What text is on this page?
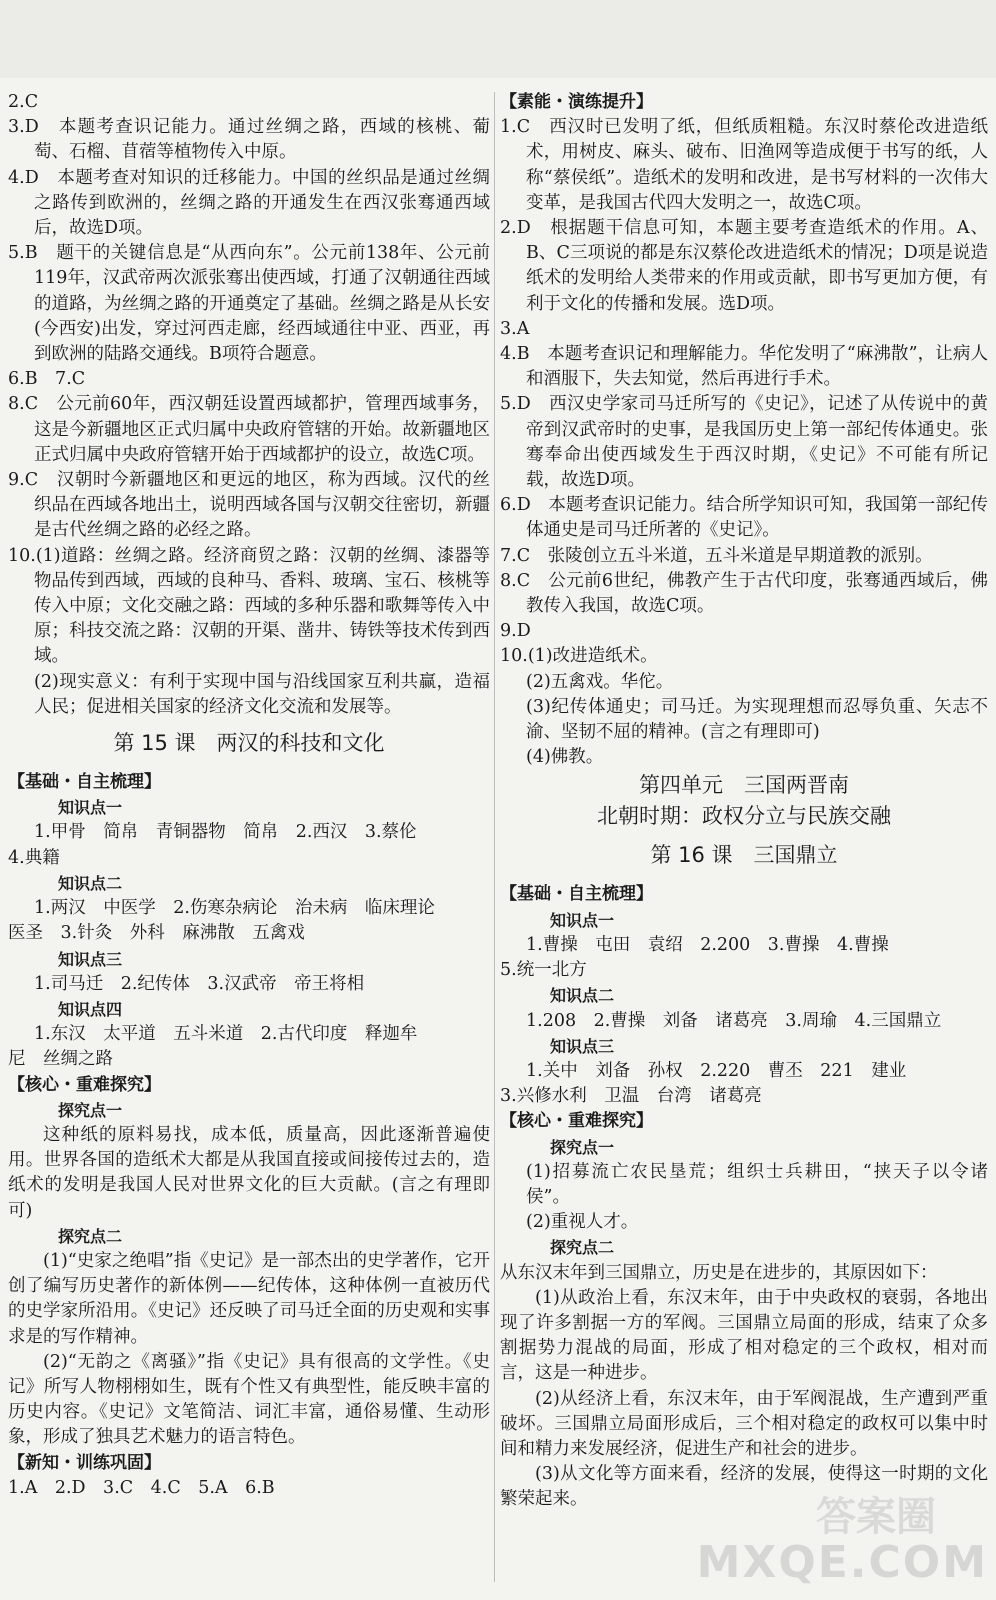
2.C
3.D　本题考查识记能力。通过丝绸之路，西域的核桃、葡萄、石榴、苜蓿等植物传入中原。
4.D　本题考查对知识的迁移能力。中国的丝织品是通过丝绸之路传到欧洲的，丝绸之路的开通发生在西汉张骞通西域后，故选D项。
5.B　题干的关键信息是“从西向东”。公元前138年、公元前119年，汉武帝两次派张骞出使西域，打通了汉朝通往西域的道路，为丝绸之路的开通奠定了基础。丝绸之路是从长安(今西安)出发，穿过河西走廊，经西域通往中亚、西亚，再到欧洲的陆路交通线。B项符合题意。
6.B　7.C
8.C　公元前60年，西汉朝廷设置西域都护，管理西域事务，这是今新疆地区正式归属中央政府管辖的开始。故新疆地区正式归属中央政府管辖开始于西域都护的设立，故选C项。
9.C　汉朝时今新疆地区和更远的地区，称为西域。汉代的丝织品在西域各地出土，说明西域各国与汉朝交往密切，新疆是古代丝绸之路的必经之路。
10.(1)道路：丝绸之路。经济商贸之路：汉朝的丝绸、漆器等物品传到西域，西域的良种马、香料、玻璃、宝石、核桃等传入中原；文化交融之路：西域的多种乐器和歌舞等传入中原；科技交流之路：汉朝的开渠、凿井、铸铁等技术传到西域。
(2)现实意义：有利于实现中国与沿线国家互利共赢，造福人民；促进相关国家的经济文化交流和发展等。
第 15 课　两汉的科技和文化
【基础・自主梳理】
知识点一
1.甲骨　简帛　青铜器物　简帛　2.西汉　3.蔡伦
4.典籍
知识点二
1.两汉　中医学　2.伤寒杂病论　治未病　临床理论
医圣　3.针灸　外科　麻沸散　五禽戏
知识点三
1.司马迁　2.纪传体　3.汉武帝　帝王将相
知识点四
1.东汉　太平道　五斗米道　2.古代印度　释迦牟
尼　丝绸之路
【核心・重难探究】
探究点一
这种纸的原料易找，成本低，质量高，因此逐渐普遍使用。世界各国的造纸术大都是从我国直接或间接传过去的，造纸术的发明是我国人民对世界文化的巨大贡献。(言之有理即可)
探究点二
(1)“史家之绝唱”指《史记》是一部杰出的史学著作，它开创了编写历史著作的新体例——纪传体，这种体例一直被历代的史学家所沿用。《史记》还反映了司马迁全面的历史观和实事求是的写作精神。
(2)“无韵之《离骚》”指《史记》具有很高的文学性。《史记》所写人物栩栩如生，既有个性又有典型性，能反映丰富的历史内容。《史记》文笔简洁、词汇丰富，通俗易懂、生动形象，形成了独具艺术魅力的语言特色。
【新知・训练巩固】
1.A　2.D　3.C　4.C　5.A　6.B
【素能・演练提升】
1.C　西汉时已发明了纸，但纸质粗糙。东汉时蔡伦改进造纸术，用树皮、麻头、破布、旧渔网等造成便于书写的纸，人称“蔡侯纸”。造纸术的发明和改进，是书写材料的一次伟大变革，是我国古代四大发明之一，故选C项。
2.D　根据题干信息可知，本题主要考查造纸术的作用。A、B、C三项说的都是东汉蔡伦改进造纸术的情况；D项是说造纸术的发明给人类带来的作用或贡献，即书写更加方便，有利于文化的传播和发展。选D项。
3.A
4.B　本题考查识记和理解能力。华佗发明了“麻沸散”，让病人和酒服下，失去知觉，然后再进行手术。
5.D　西汉史学家司马迁所写的《史记》，记述了从传说中的黄帝到汉武帝时的史事，是我国历史上第一部纪传体通史。张骞奉命出使西域发生于西汉时期，《史记》不可能有所记载，故选D项。
6.D　本题考查识记能力。结合所学知识可知，我国第一部纪传体通史是司马迁所著的《史记》。
7.C　张陵创立五斗米道，五斗米道是早期道教的派别。
8.C　公元前6世纪，佛教产生于古代印度，张骞通西域后，佛教传入我国，故选C项。
9.D
10.(1)改进造纸术。
(2)五禽戏。华佗。
(3)纪传体通史；司马迁。为实现理想而忍辱负重、矢志不渝、坚韧不屈的精神。(言之有理即可)
(4)佛教。
第四单元　三国两晋南
北朝时期：政权分立与民族交融
第 16 课　三国鼎立
【基础・自主梳理】
知识点一
1.曹操　屯田　袁绍　2.200　3.曹操　4.曹操
5.统一北方
知识点二
1.208　2.曹操　刘备　诸葛亮　3.周瑜　4.三国鼎立
知识点三
1.关中　刘备　孙权　2.220　曹丕　221　建业
3.兴修水利　卫温　台湾　诸葛亮
【核心・重难探究】
探究点一
(1)招募流亡农民垦荒；组织士兵耕田，“挟天子以令诸侯”。
(2)重视人才。
探究点二
从东汉末年到三国鼎立，历史是在进步的，其原因如下：
(1)从政治上看，东汉末年，由于中央政权的衰弱，各地出现了许多割据一方的军阀。三国鼎立局面的形成，结束了众多割据势力混战的局面，形成了相对稳定的三个政权，相对而言，这是一种进步。
(2)从经济上看，东汉末年，由于军阀混战，生产遭到严重破坏。三国鼎立局面形成后，三个相对稳定的政权可以集中时间和精力来发展经济，促进生产和社会的进步。
(3)从文化等方面来看，经济的发展，使得这一时期的文化繁荣起来。	答案圈
MXQE.COM
